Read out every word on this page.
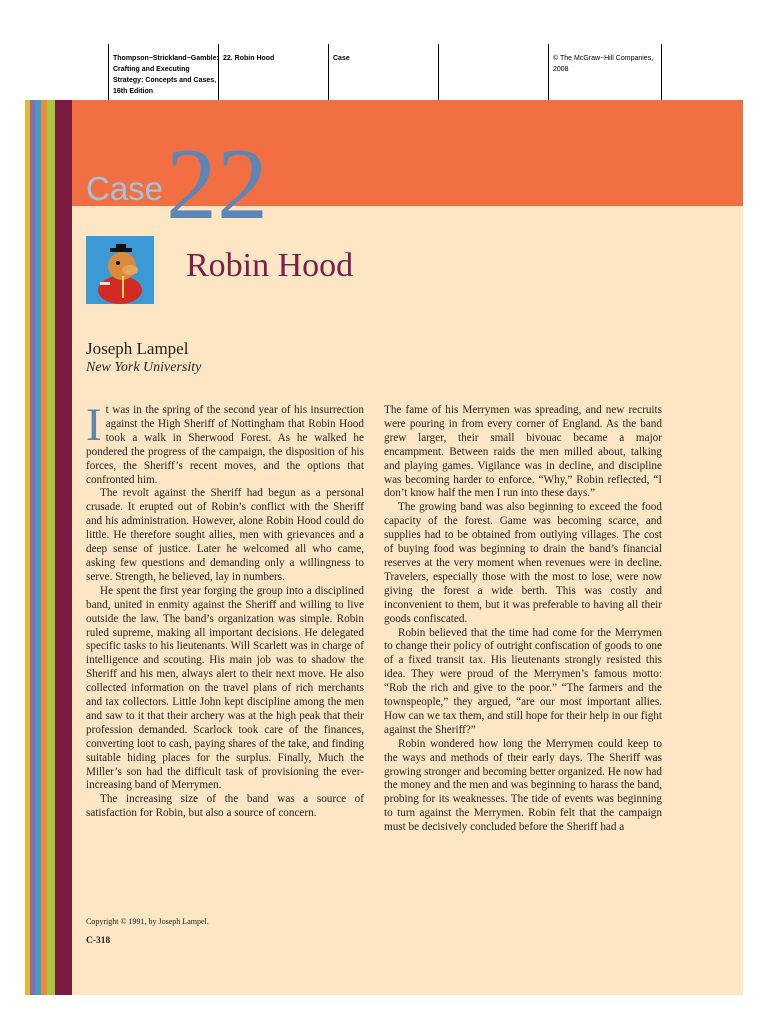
Thompson−Strickland−Gamble: Crafting and Executing Strategy: Concepts and Cases, 16th Edition
22. Robin Hood	Case	© The McGraw−Hill Companies, 2008
Case 22
Robin Hood
Joseph Lampel
New York University

It was in the spring of the second year of his insurrection against the High Sheriff of Nottingham that Robin Hood took a walk in Sherwood Forest. As he walked he pondered the progress of the campaign, the disposition of his forces, the Sheriff’s recent moves, and the options that confronted him.

The revolt against the Sheriff had begun as a personal crusade. It erupted out of Robin’s conflict with the Sheriff and his administration. However, alone Robin Hood could do little. He therefore sought allies, men with grievances and a deep sense of justice. Later he welcomed all who came, asking few questions and demanding only a willingness to serve. Strength, he believed, lay in numbers.

He spent the first year forging the group into a disciplined band, united in enmity against the Sheriff and willing to live outside the law. The band’s organization was simple. Robin ruled supreme, making all important decisions. He delegated specific tasks to his lieutenants. Will Scarlett was in charge of intelligence and scouting. His main job was to shadow the Sheriff and his men, always alert to their next move. He also collected information on the travel plans of rich merchants and tax collectors. Little John kept discipline among the men and saw to it that their archery was at the high peak that their profession demanded. Scarlock took care of the finances, converting loot to cash, paying shares of the take, and finding suitable hiding places for the surplus. Finally, Much the Miller’s son had the difficult task of provisioning the ever-increasing band of Merrymen.

The increasing size of the band was a source of satisfaction for Robin, but also a source of concern.

The fame of his Merrymen was spreading, and new recruits were pouring in from every corner of England. As the band grew larger, their small bivouac became a major encampment. Between raids the men milled about, talking and playing games. Vigilance was in decline, and discipline was becoming harder to enforce. “Why,” Robin reflected, “I don’t know half the men I run into these days.”

The growing band was also beginning to exceed the food capacity of the forest. Game was becoming scarce, and supplies had to be obtained from outlying villages. The cost of buying food was beginning to drain the band’s financial reserves at the very moment when revenues were in decline. Travelers, especially those with the most to lose, were now giving the forest a wide berth. This was costly and inconvenient to them, but it was preferable to having all their goods confiscated.

Robin believed that the time had come for the Merrymen to change their policy of outright confiscation of goods to one of a fixed transit tax. His lieutenants strongly resisted this idea. They were proud of the Merrymen’s famous motto: “Rob the rich and give to the poor.” “The farmers and the townspeople,” they argued, “are our most important allies. How can we tax them, and still hope for their help in our fight against the Sheriff?”

Robin wondered how long the Merrymen could keep to the ways and methods of their early days. The Sheriff was growing stronger and becoming better organized. He now had the money and the men and was beginning to harass the band, probing for its weaknesses. The tide of events was beginning to turn against the Merrymen. Robin felt that the campaign must be decisively concluded before the Sheriff had a

Copyright © 1991, by Joseph Lampel.
C-318
